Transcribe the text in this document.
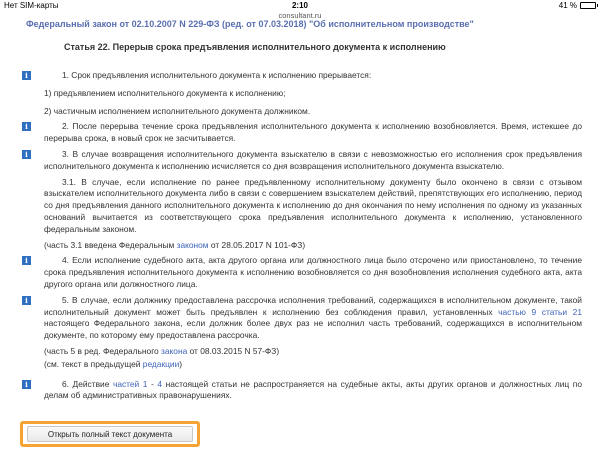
Нет SIM-карты	2:10	41 %
consultant.ru
Федеральный закон от 02.10.2007 N 229-ФЗ (ред. от 07.03.2018) "Об исполнительном производстве"
Статья 22. Перерыв срока предъявления исполнительного документа к исполнению
i	1. Срок предъявления исполнительного документа к исполнению прерывается:

1) предъявлением исполнительного документа к исполнению;

2) частичным исполнением исполнительного документа должником.

i	2. После перерыва течение срока предъявления исполнительного документа к исполнению возобновляется. Время, истекшее до перерыва срока, в новый срок не засчитывается.

i	3. В случае возвращения исполнительного документа взыскателю в связи с невозможностью его исполнения срок предъявления исполнительного документа к исполнению исчисляется со дня возвращения исполнительного документа взыскателю.

3.1. В случае, если исполнение по ранее предъявленному исполнительному документу было окончено в связи с отзывом взыскателем исполнительного документа либо в связи с совершением взыскателем действий, препятствующих его исполнению, период со дня предъявления данного исполнительного документа к исполнению до дня окончания по нему исполнения по одному из указанных оснований вычитается из соответствующего срока предъявления исполнительного документа к исполнению, установленного федеральным законом.

(часть 3.1 введена Федеральным законом от 28.05.2017 N 101-ФЗ)

i	4. Если исполнение судебного акта, акта другого органа или должностного лица было отсрочено или приостановлено, то течение срока предъявления исполнительного документа к исполнению возобновляется со дня возобновления исполнения судебного акта, акта другого органа или должностного лица.

i	5. В случае, если должнику предоставлена рассрочка исполнения требований, содержащихся в исполнительном документе, такой исполнительный документ может быть предъявлен к исполнению без соблюдения правил, установленных частью 9 статьи 21 настоящего Федерального закона, если должник более двух раз не исполнил часть требований, содержащихся в исполнительном документе, по которому ему предоставлена рассрочка.

(часть 5 в ред. Федерального закона от 08.03.2015 N 57-ФЗ)

(см. текст в предыдущей редакции)

i	6. Действие частей 1 - 4 настоящей статьи не распространяется на судебные акты, акты других органов и должностных лиц по делам об административных правонарушениях.

Открыть полный текст документа
